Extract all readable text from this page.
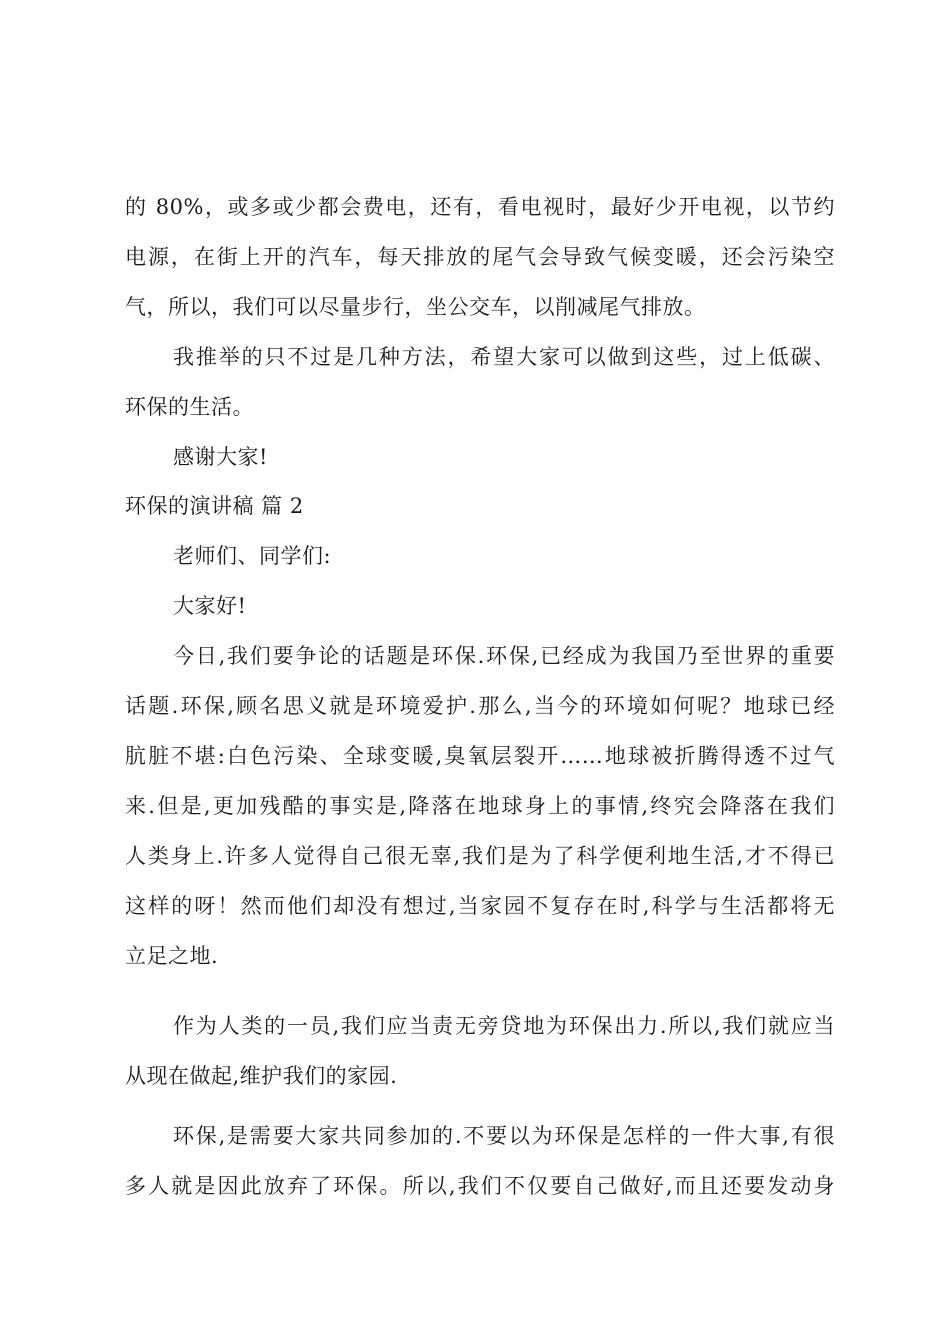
的 80%，或多或少都会费电，还有，看电视时，最好少开电视，以节约
电源，在街上开的汽车，每天排放的尾气会导致气候变暖，还会污染空
气，所以，我们可以尽量步行，坐公交车，以削减尾气排放。
我推举的只不过是几种方法，希望大家可以做到这些，过上低碳、
环保的生活。
感谢大家!
环保的演讲稿 篇 2
老师们、同学们:
大家好!
今日,我们要争论的话题是环保.环保,已经成为我国乃至世界的重要
话题.环保,顾名思义就是环境爱护.那么,当今的环境如何呢？地球已经
肮脏不堪:白色污染、全球变暖,臭氧层裂开……地球被折腾得透不过气
来.但是,更加残酷的事实是,降落在地球身上的事情,终究会降落在我们
人类身上.许多人觉得自己很无辜,我们是为了科学便利地生活,才不得已
这样的呀！然而他们却没有想过,当家园不复存在时,科学与生活都将无
立足之地.
作为人类的一员,我们应当责无旁贷地为环保出力.所以,我们就应当
从现在做起,维护我们的家园.
环保,是需要大家共同参加的.不要以为环保是怎样的一件大事,有很
多人就是因此放弃了环保。所以,我们不仅要自己做好,而且还要发动身
